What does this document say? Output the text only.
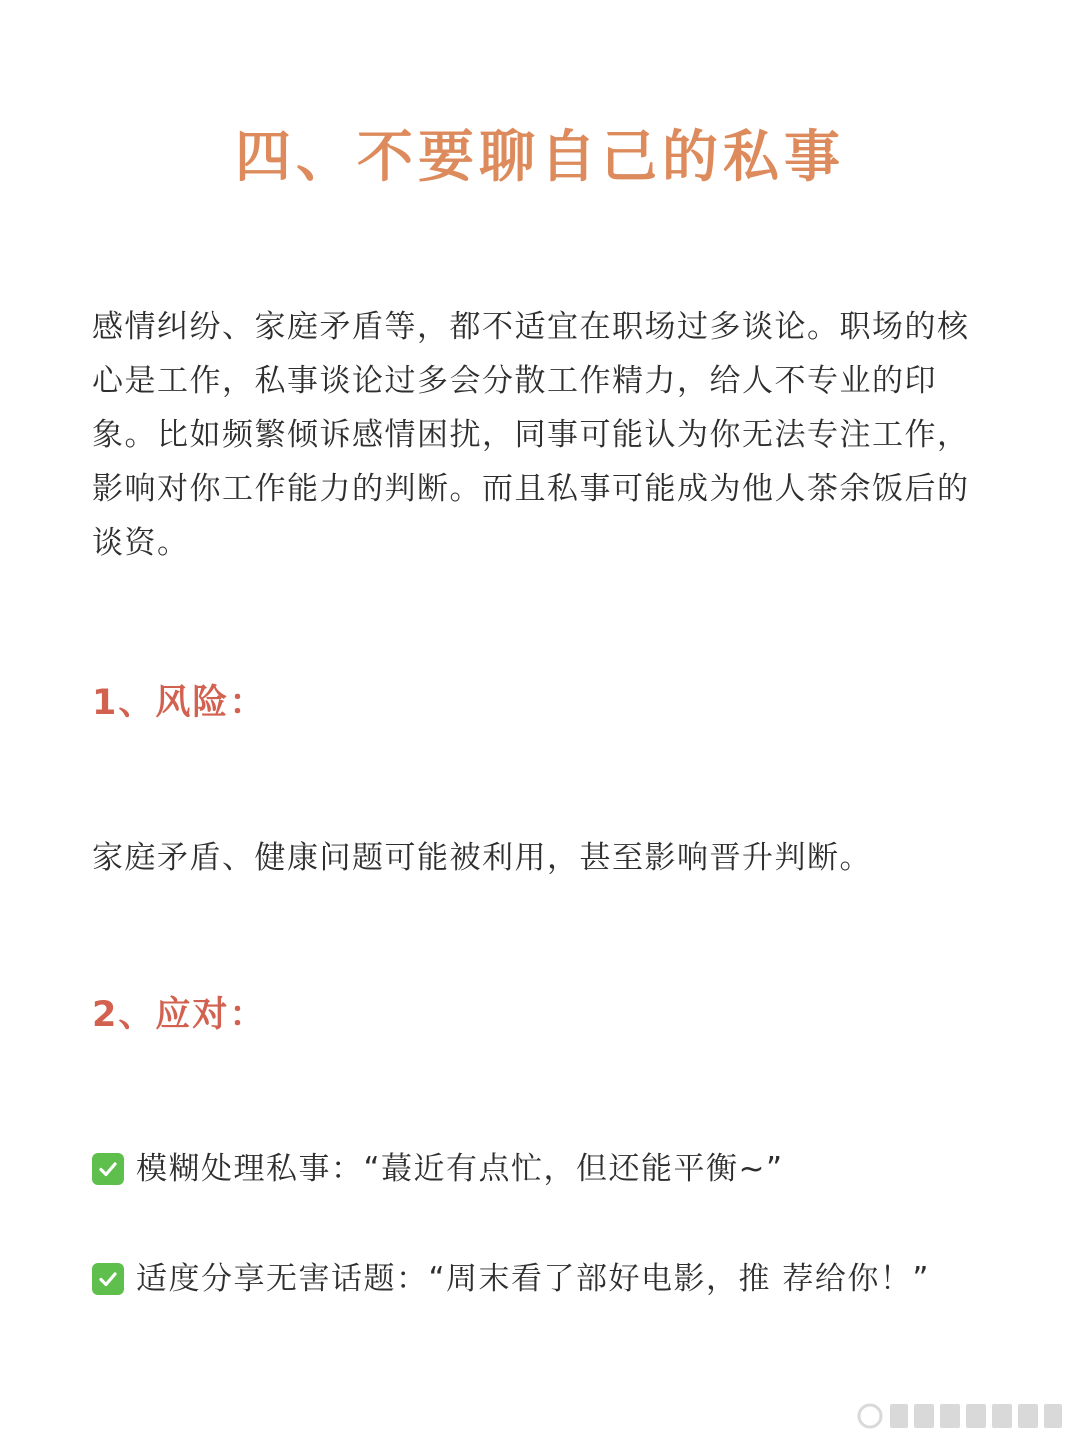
四、不要聊自己的私事
感情纠纷、家庭矛盾等，都不适宜在职场过多谈论。职场的核心是工作，私事谈论过多会分散工作精力，给人不专业的印象。比如频繁倾诉感情困扰，同事可能认为你无法专注工作，影响对你工作能力的判断。而且私事可能成为他人茶余饭后的谈资。
1、风险：
家庭矛盾、健康问题可能被利用，甚至影响晋升判断。
2、应对：
模糊处理私事：“蕞近有点忙，但还能平衡~”
适度分享无害话题：“周末看了部好电影，推 荐给你！”
